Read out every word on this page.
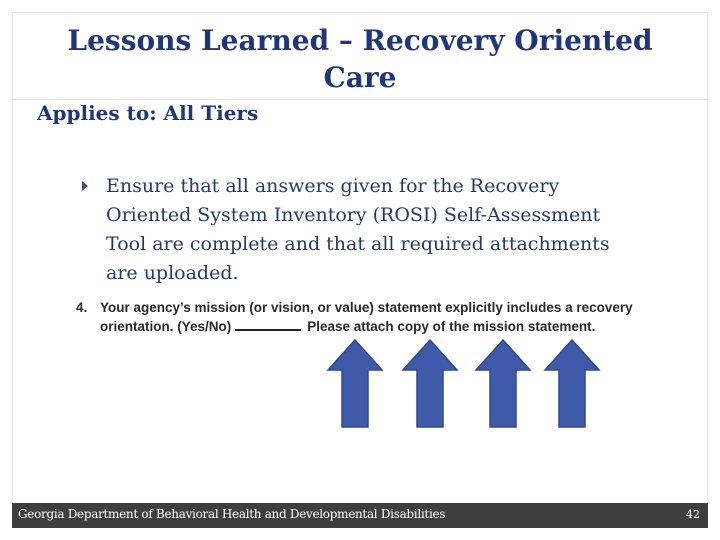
Lessons Learned – Recovery Oriented Care
Applies to: All Tiers

Ensure that all answers given for the Recovery Oriented System Inventory (ROSI) Self-Assessment Tool are complete and that all required attachments are uploaded.

4. Your agency’s mission (or vision, or value) statement explicitly includes a recovery
orientation. (Yes/No)	Please attach copy of the mission statement.
Georgia Department of Behavioral Health and Developmental Disabilities	42
